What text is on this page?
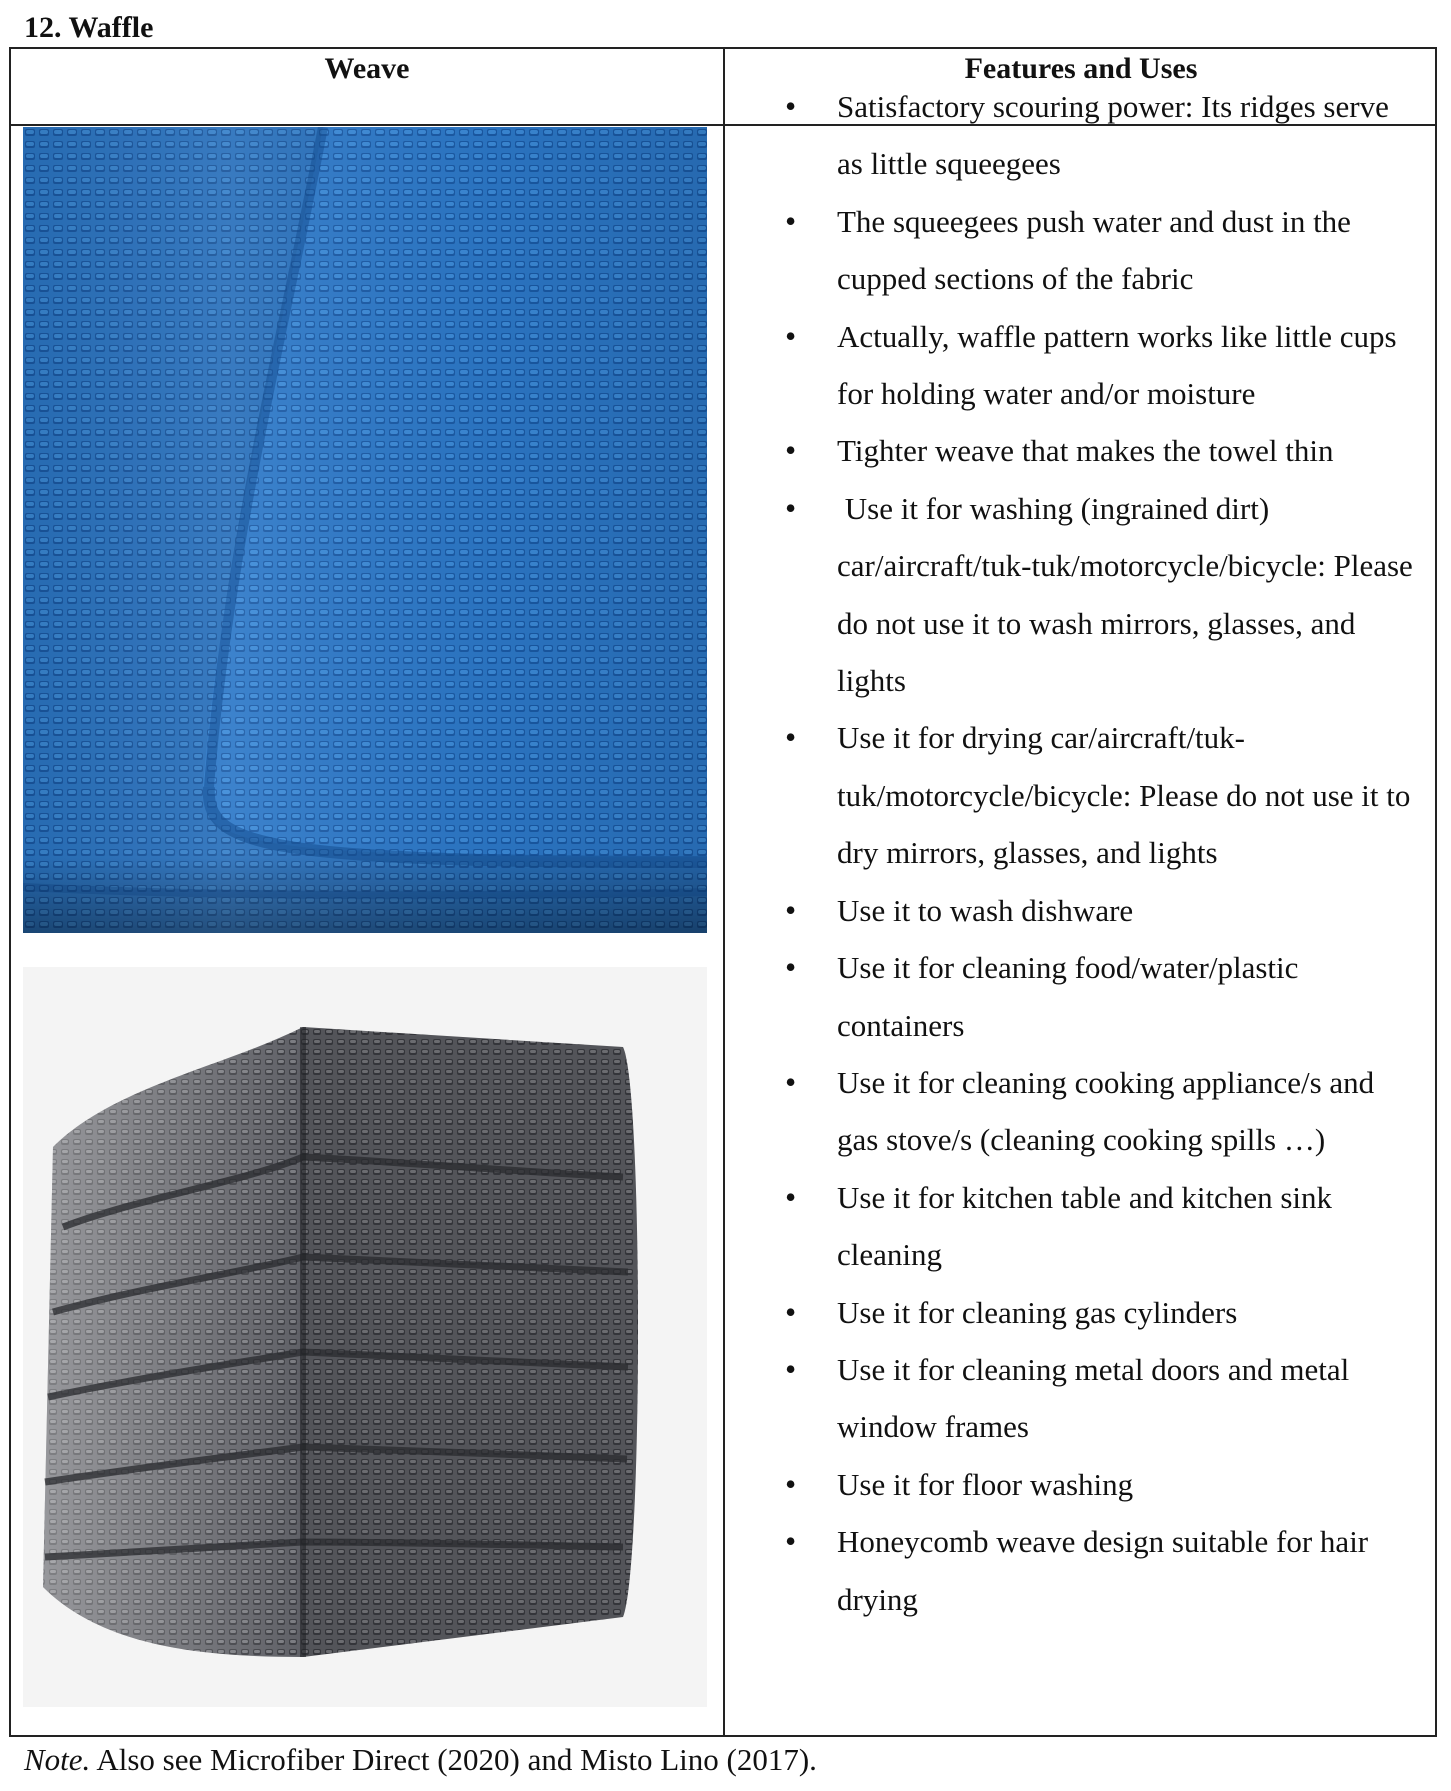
12. Waffle
Weave	Features and Uses
• Satisfactory scouring power: Its ridges serve as little squeegees
• The squeegees push water and dust in the cupped sections of the fabric
• Actually, waffle pattern works like little cups for holding water and/or moisture
• Tighter weave that makes the towel thin
•  Use it for washing (ingrained dirt) car/aircraft/tuk-tuk/motorcycle/bicycle: Please do not use it to wash mirrors, glasses, and lights
• Use it for drying car/aircraft/tuk-tuk/motorcycle/bicycle: Please do not use it to dry mirrors, glasses, and lights
• Use it to wash dishware
• Use it for cleaning food/water/plastic containers
• Use it for cleaning cooking appliance/s and gas stove/s (cleaning cooking spills …)
• Use it for kitchen table and kitchen sink cleaning
• Use it for cleaning gas cylinders
• Use it for cleaning metal doors and metal window frames
• Use it for floor washing
• Honeycomb weave design suitable for hair drying
Note. Also see Microfiber Direct (2020) and Misto Lino (2017).
